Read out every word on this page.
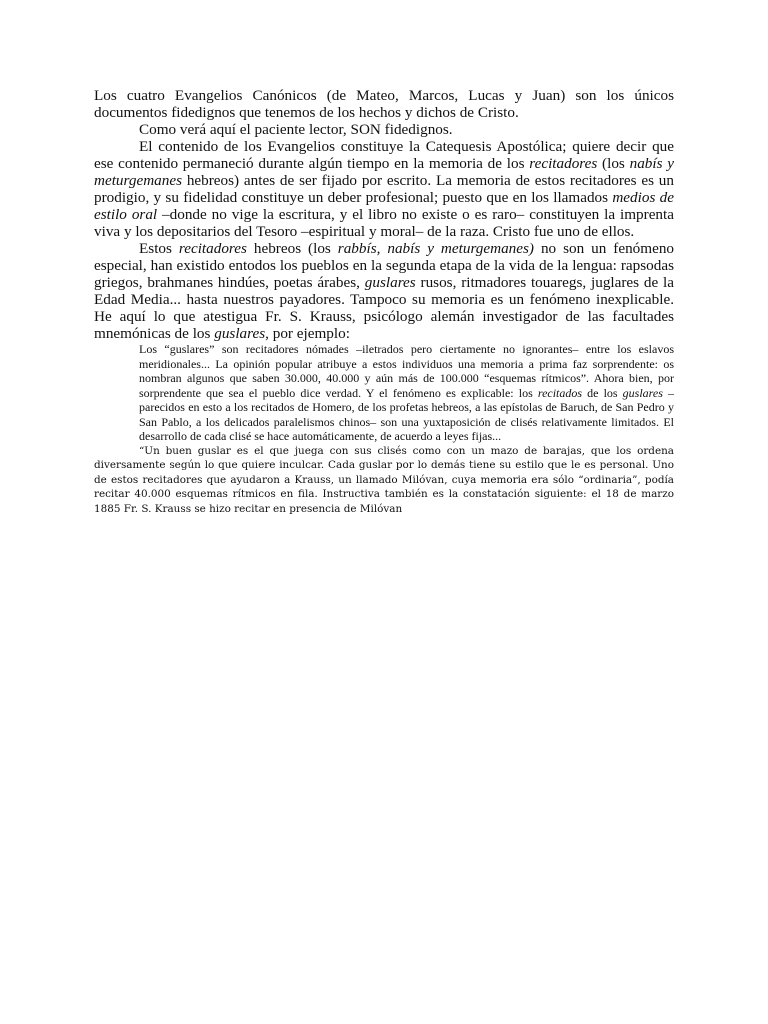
Los cuatro Evangelios Canónicos (de Mateo, Marcos, Lucas y Juan) son los únicos documentos fidedignos que tenemos de los hechos y dichos de Cristo.

Como verá aquí el paciente lector, SON fidedignos.

El contenido de los Evangelios constituye la Catequesis Apostólica; quiere decir que ese contenido permaneció durante algún tiempo en la memoria de los recitadores (los nabís y meturgemanes hebreos) antes de ser fijado por escrito. La memoria de estos recitadores es un prodigio, y su fidelidad constituye un deber profesional; puesto que en los llamados medios de estilo oral –donde no vige la escritura, y el libro no existe o es raro– constituyen la imprenta viva y los depositarios del Tesoro –espiritual y moral– de la raza. Cristo fue uno de ellos.

Estos recitadores hebreos (los rabbís, nabís y meturgemanes) no son un fenómeno especial, han existido entodos los pueblos en la segunda etapa de la vida de la lengua: rapsodas griegos, brahmanes hindúes, poetas árabes, guslares rusos, ritmadores touaregs, juglares de la Edad Media... hasta nuestros payadores. Tampoco su memoria es un fenómeno inexplicable. He aquí lo que atestigua Fr. S. Krauss, psicólogo alemán investigador de las facultades mnemónicas de los guslares, por ejemplo:

Los “guslares” son recitadores nómades –iletrados pero ciertamente no ignorantes– entre los eslavos meridionales... La opinión popular atribuye a estos individuos una memoria a prima faz sorprendente: os nombran algunos que saben 30.000, 40.000 y aún más de 100.000 “esquemas rítmicos”. Ahora bien, por sorprendente que sea el pueblo dice verdad. Y el fenómeno es explicable: los recitados de los guslares –parecidos en esto a los recitados de Homero, de los profetas hebreos, a las epístolas de Baruch, de San Pedro y San Pablo, a los delicados paralelismos chinos– son una yuxtaposición de clisés relativamente limitados. El desarrollo de cada clisé se hace automáticamente, de acuerdo a leyes fijas...

“Un buen guslar es el que juega con sus clisés como con un mazo de barajas, que los ordena diversamente según lo que quiere inculcar. Cada guslar por lo demás tiene su estilo que le es personal. Uno de estos recitadores que ayudaron a Krauss, un llamado Milóvan, cuya memoria era sólo “ordinaria”, podía recitar 40.000 esquemas rítmicos en fila. Instructiva también es la constatación siguiente: el 18 de marzo 1885 Fr. S. Krauss se hizo recitar en presencia de Milóvan
